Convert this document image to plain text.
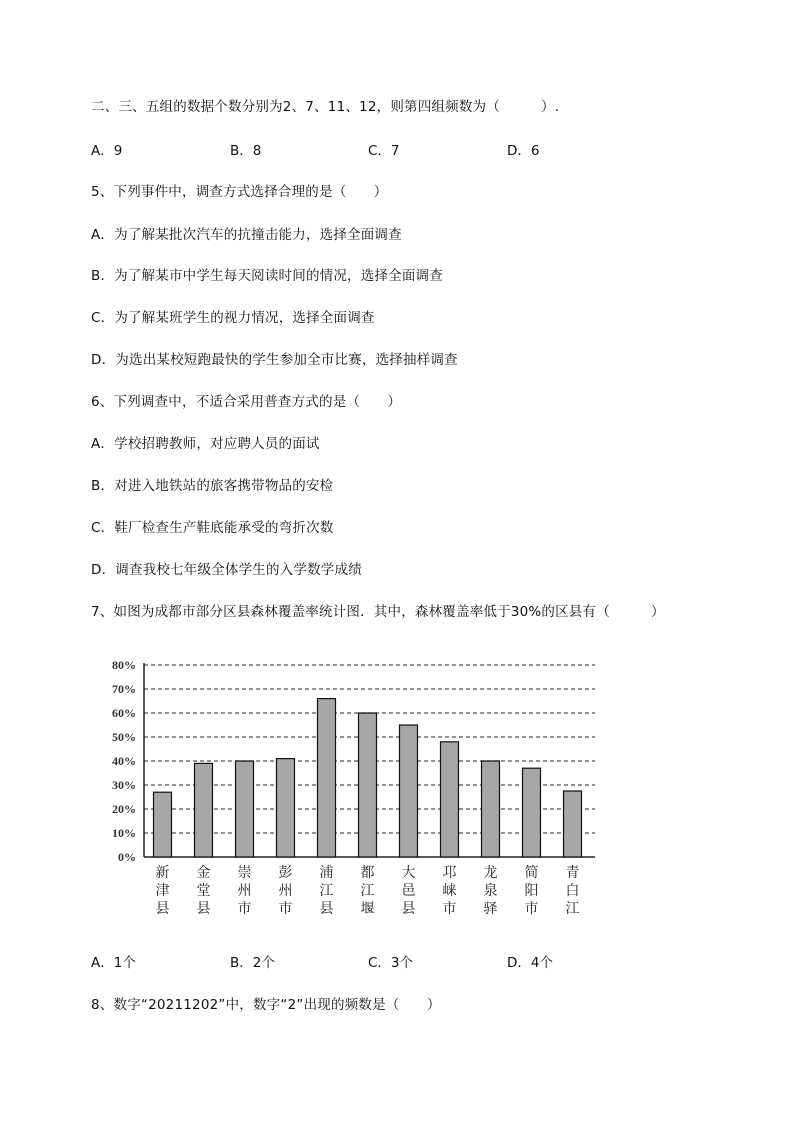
二、三、五组的数据个数分别为2、7、11、12，则第四组频数为（　　　）.
A．9	B．8	C．7	D．6
5、下列事件中，调查方式选择合理的是（　　）
A．为了解某批次汽车的抗撞击能力，选择全面调查
B．为了解某市中学生每天阅读时间的情况，选择全面调查
C．为了解某班学生的视力情况，选择全面调查
D．为选出某校短跑最快的学生参加全市比赛，选择抽样调查
6、下列调查中，不适合采用普查方式的是（　　）
A．学校招聘教师，对应聘人员的面试
B．对进入地铁站的旅客携带物品的安检
C．鞋厂检查生产鞋底能承受的弯折次数
D．调查我校七年级全体学生的入学数学成绩
7、如图为成都市部分区县森林覆盖率统计图．其中，森林覆盖率低于30%的区县有（　　　）
0%
10%
20%
30%
40%
50%
60%
70%
80%
新
津
县
金
堂
县
崇
州
市
彭
州
市
浦
江
县
都
江
堰
大
邑
县
邛
崃
市
龙
泉
驿
简
阳
市
青
白
江
A．1个	B．2个	C．3个	D．4个
8、数字“20211202”中，数字“2”出现的频数是（　　）
